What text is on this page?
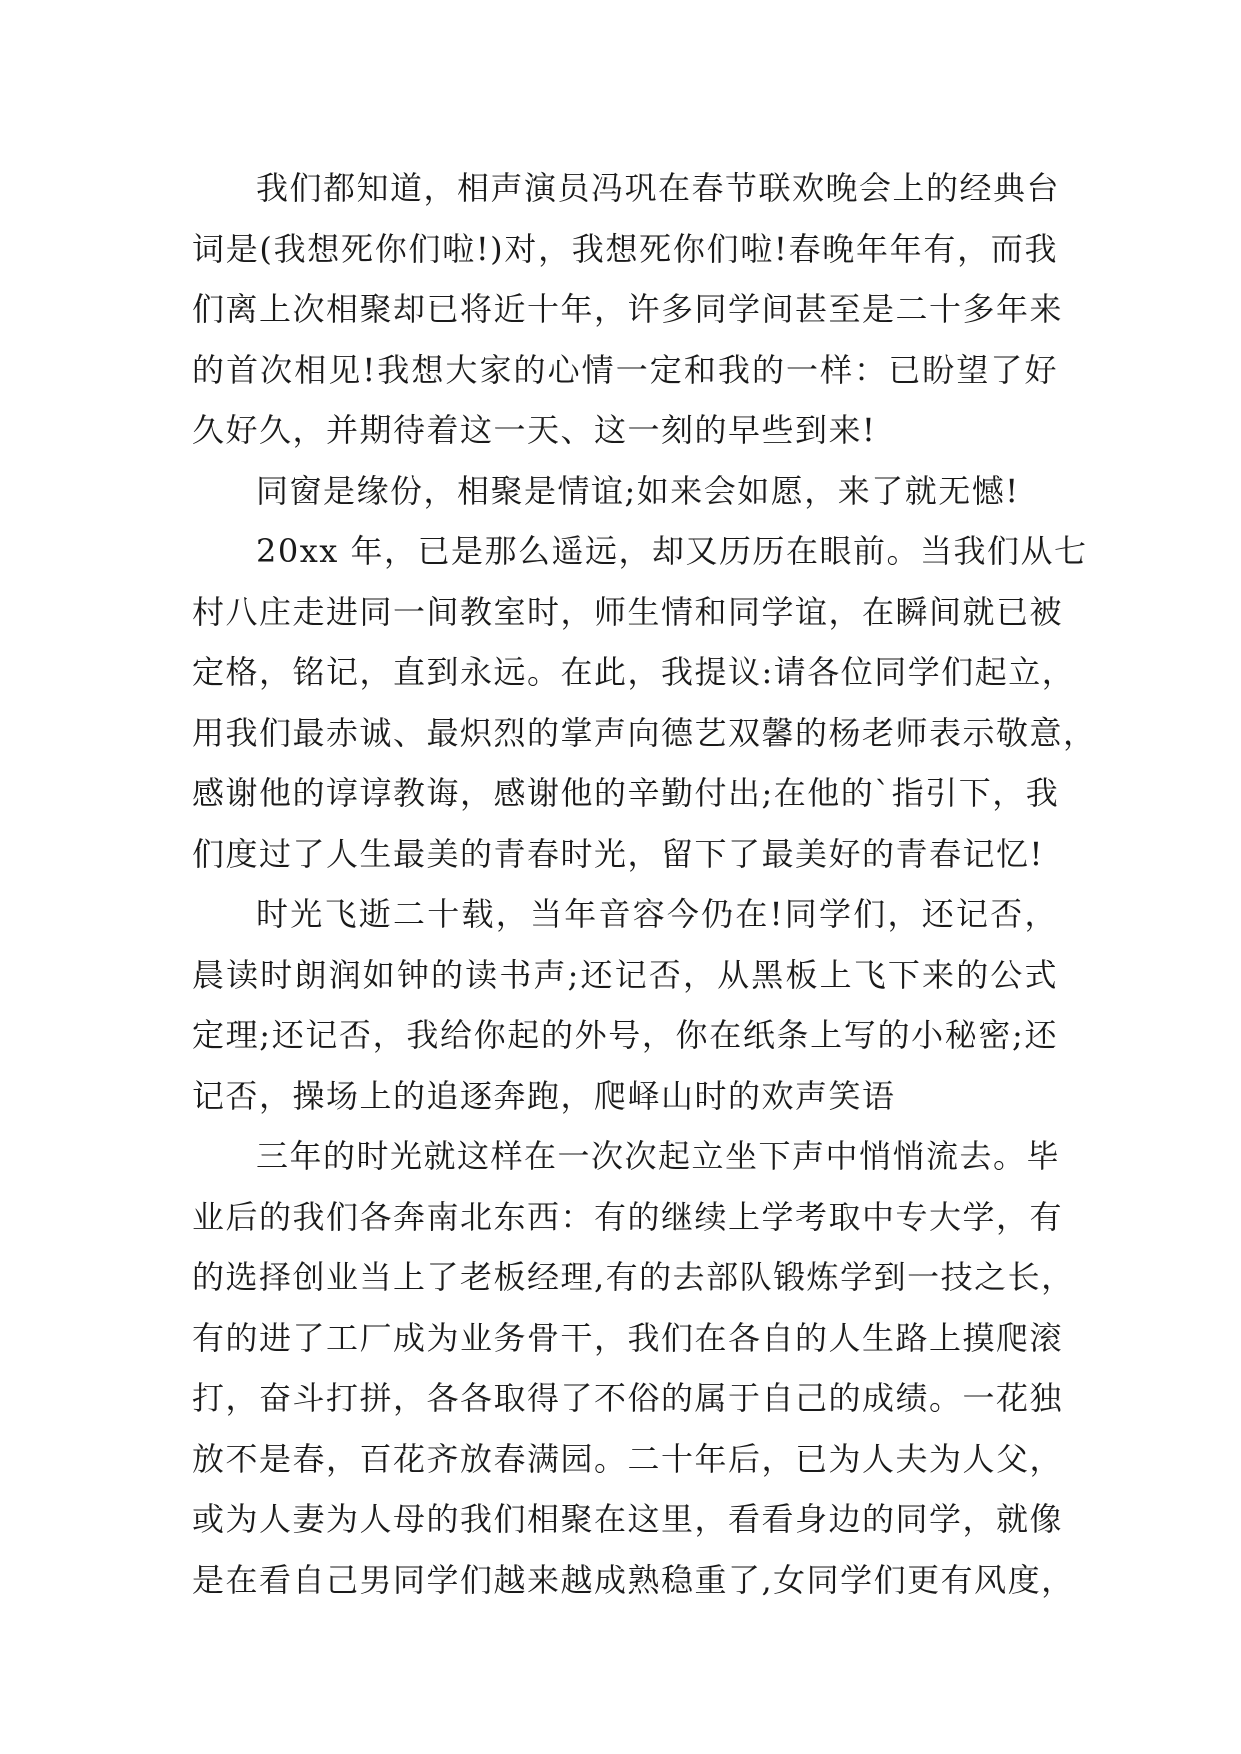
我们都知道，相声演员冯巩在春节联欢晚会上的经典台
词是(我想死你们啦!)对，我想死你们啦!春晚年年有，而我
们离上次相聚却已将近十年，许多同学间甚至是二十多年来
的首次相见!我想大家的心情一定和我的一样：已盼望了好
久好久，并期待着这一天、这一刻的早些到来!

同窗是缘份，相聚是情谊;如来会如愿，来了就无憾!

20xx 年，已是那么遥远，却又历历在眼前。当我们从七
村八庄走进同一间教室时，师生情和同学谊，在瞬间就已被
定格，铭记，直到永远。在此，我提议:请各位同学们起立，
用我们最赤诚、最炽烈的掌声向德艺双馨的杨老师表示敬意，
感谢他的谆谆教诲，感谢他的辛勤付出;在他的`指引下，我
们度过了人生最美的青春时光，留下了最美好的青春记忆!

时光飞逝二十载，当年音容今仍在!同学们，还记否，
晨读时朗润如钟的读书声;还记否，从黑板上飞下来的公式
定理;还记否，我给你起的外号，你在纸条上写的小秘密;还
记否，操场上的追逐奔跑，爬峄山时的欢声笑语

三年的时光就这样在一次次起立坐下声中悄悄流去。毕
业后的我们各奔南北东西：有的继续上学考取中专大学，有
的选择创业当上了老板经理,有的去部队锻炼学到一技之长，
有的进了工厂成为业务骨干，我们在各自的人生路上摸爬滚
打，奋斗打拼，各各取得了不俗的属于自己的成绩。一花独
放不是春，百花齐放春满园。二十年后，已为人夫为人父，
或为人妻为人母的我们相聚在这里，看看身边的同学，就像
是在看自己男同学们越来越成熟稳重了,女同学们更有风度，
